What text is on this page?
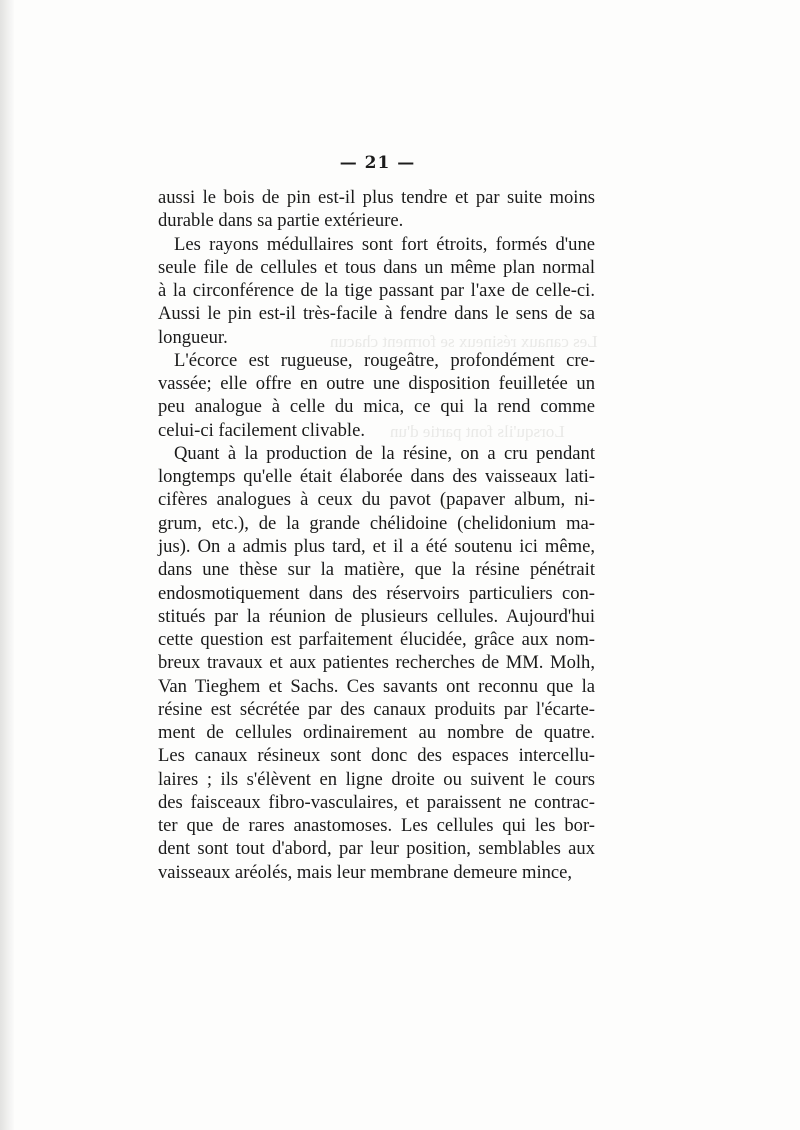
Les canaux résineux se forment chacun
Lorsqu'ils font partie d'un
— 21 —
aussi le bois de pin est-il plus tendre et par suite moins
durable dans sa partie extérieure.
Les rayons médullaires sont fort étroits, formés d'une
seule file de cellules et tous dans un même plan normal
à la circonférence de la tige passant par l'axe de celle-ci.
Aussi le pin est-il très-facile à fendre dans le sens de sa
longueur.
L'écorce est rugueuse, rougeâtre, profondément cre-
vassée; elle offre en outre une disposition feuilletée un
peu analogue à celle du mica, ce qui la rend comme
celui-ci facilement clivable.
Quant à la production de la résine, on a cru pendant
longtemps qu'elle était élaborée dans des vaisseaux lati-
cifères analogues à ceux du pavot (papaver album, ni-
grum, etc.), de la grande chélidoine (chelidonium ma-
jus). On a admis plus tard, et il a été soutenu ici même,
dans une thèse sur la matière, que la résine pénétrait
endosmotiquement dans des réservoirs particuliers con-
stitués par la réunion de plusieurs cellules. Aujourd'hui
cette question est parfaitement élucidée, grâce aux nom-
breux travaux et aux patientes recherches de MM. Molh,
Van Tieghem et Sachs. Ces savants ont reconnu que la
résine est sécrétée par des canaux produits par l'écarte-
ment de cellules ordinairement au nombre de quatre.
Les canaux résineux sont donc des espaces intercellu-
laires ; ils s'élèvent en ligne droite ou suivent le cours
des faisceaux fibro-vasculaires, et paraissent ne contrac-
ter que de rares anastomoses. Les cellules qui les bor-
dent sont tout d'abord, par leur position, semblables aux
vaisseaux aréolés, mais leur membrane demeure mince,
